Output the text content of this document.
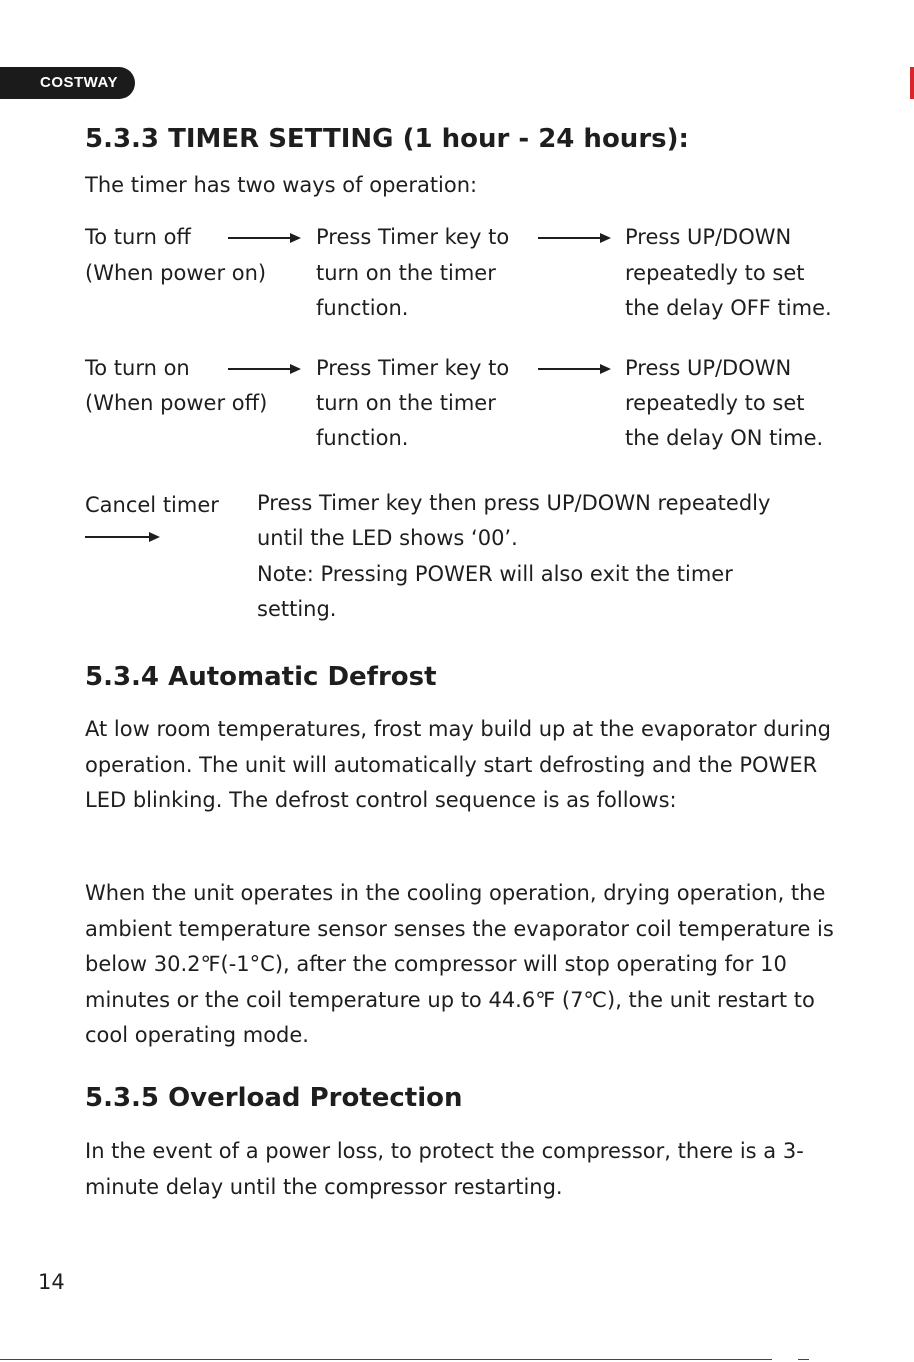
COSTWAY
5.3.3 TIMER SETTING (1 hour - 24 hours):

The timer has two ways of operation:

To turn off

(When power on)

Press Timer key to

turn on the timer

function.

Press UP/DOWN

repeatedly to set

the delay OFF time.

To turn on

(When power off)

Press Timer key to

turn on the timer

function.

Press UP/DOWN

repeatedly to set

the delay ON time.

Cancel timer Press Timer key then press UP/DOWN repeatedly

until the LED shows ‘00’.

Note: Pressing POWER will also exit the timer

setting.

5.3.4 Automatic Defrost

At low room temperatures, frost may build up at the evaporator during operation. The unit will automatically start defrosting and the POWER LED blinking. The defrost control sequence is as follows:

When the unit operates in the cooling operation, drying operation, the ambient temperature sensor senses the evaporator coil temperature is below 30.2℉(-1°C), after the compressor will stop operating for 10 minutes or the coil temperature up to 44.6℉ (7℃), the unit restart to cool operating mode.

5.3.5 Overload Protection

In the event of a power loss, to protect the compressor, there is a 3-minute delay until the compressor restarting.

14
